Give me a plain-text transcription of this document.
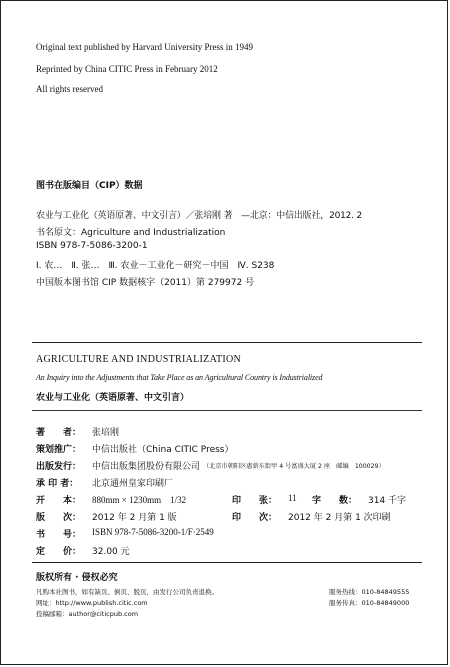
Original text published by Harvard University Press in 1949
Reprinted by China CITIC Press in February 2012
All rights reserved
图书在版编目（CIP）数据
农业与工业化（英语原著、中文引言）／张培刚 著　—北京：中信出版社，2012. 2
书名原文：Agriculture and Industrialization
ISBN 978-7-5086-3200-1
Ⅰ. 农…　Ⅱ. 张…　Ⅲ. 农业－工业化－研究－中国　Ⅳ. S238
中国版本图书馆 CIP 数据核字（2011）第 279972 号
AGRICULTURE AND INDUSTRIALIZATION
An Inquiry into the Adjustments that Take Place as an Agricultural Country is Industrialized
农业与工业化（英语原著、中文引言）
著　　者： 张培刚
策划推广： 中信出版社（China CITIC Press）
出版发行： 中信出版集团股份有限公司 （北京市朝阳区惠新东街甲 4 号富盛大厦 2 座　邮编　100029）
承 印 者： 北京通州皇家印刷厂
开　　本： 880mm × 1230mm　1/32	印　　张： 11 字　　数： 314 千字
版　　次： 2012 年 2 月第 1 版	印　　次： 2012 年 2 月第 1 次印刷
书　　号： ISBN 978-7-5086-3200-1/F·2549
定　　价： 32.00 元
版权所有 · 侵权必究
凡购本社图书，如有缺页、倒页、脱页，由发行公司负责退换。	服务热线：010-84849555
网址：http://www.publish.citic.com	服务传真：010-84849000
投稿邮箱：author@citicpub.com
